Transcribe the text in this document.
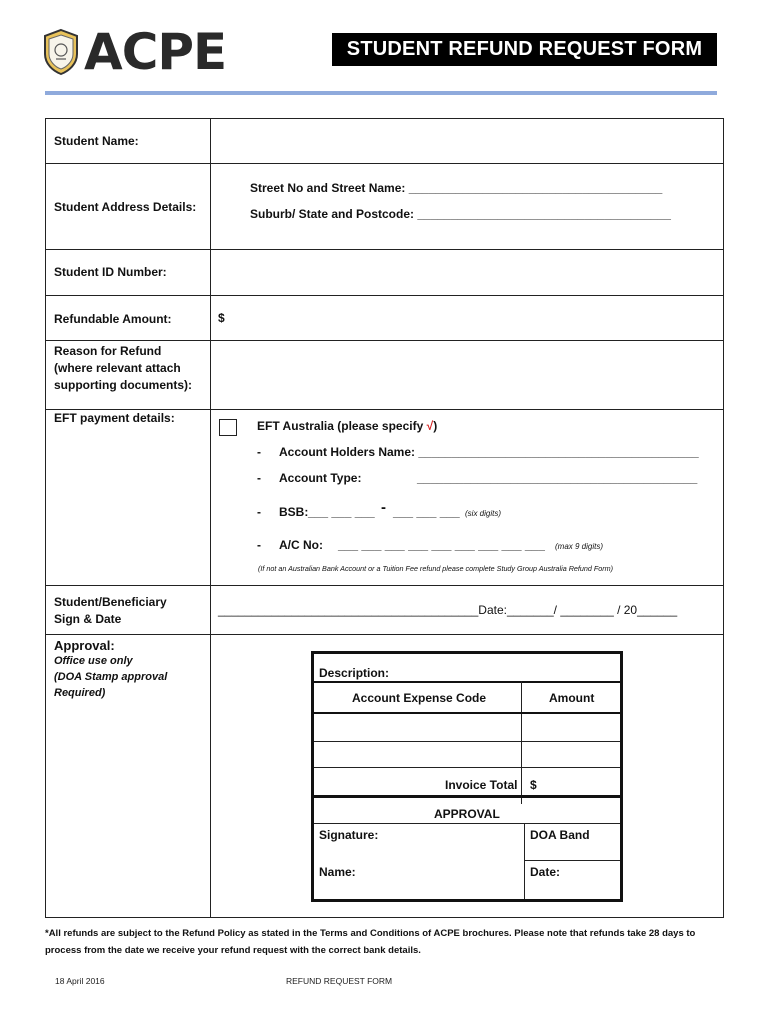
ACPE	STUDENT REFUND REQUEST FORM
Student Name:
Student Address Details:
Street No and Street Name: ______________________________________
Suburb/ State and Postcode: ______________________________________
Student ID Number:
Refundable Amount:	$
Reason for Refund
(where relevant attach
supporting documents):
EFT payment details:
EFT Australia (please specify √)
- Account Holders Name: __________________________________________
- Account Type:	__________________________________________
- BSB: ___ ___ ___ - ___ ___ ___ (six digits)
- A/C No: ___ ___ ___ ___ ___ ___ ___ ___ ___ (max 9 digits)
(If not an Australian Bank Account or a Tuition Fee refund please complete Study Group Australia Refund Form)
Student/Beneficiary
Sign & Date
_______________________________________Date:_______/ ________ / 20______
Approval:
Office use only
(DOA Stamp approval
Required)
Description:
Account Expense Code	Amount
Invoice Total $
APPROVAL
Signature:	DOA Band
Name:	Date:
*All refunds are subject to the Refund Policy as stated in the Terms and Conditions of ACPE brochures. Please note that refunds take 28 days to
process from the date we receive your refund request with the correct bank details.
18 April 2016	REFUND REQUEST FORM
